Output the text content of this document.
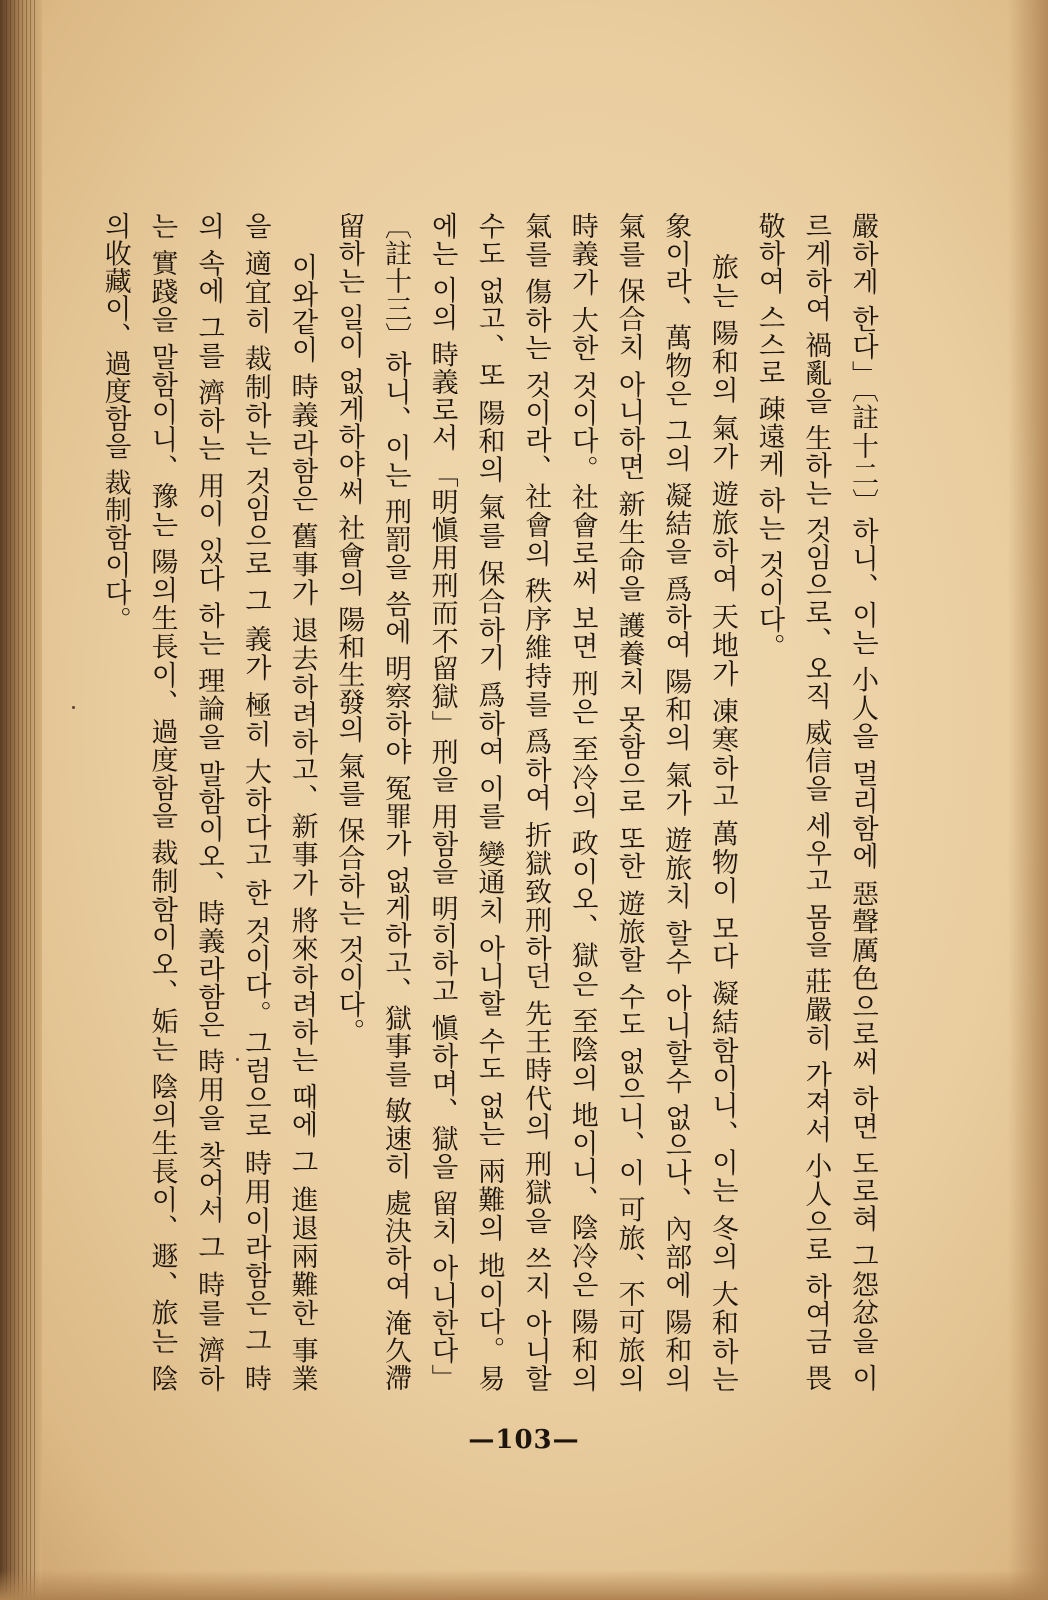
嚴하게 한다」〔註十二〕하니、이는 小人을 멀리함에 惡聲厲色으로써 하면 도로혀 그怨忿을 이르게하여 禍亂을 生하는 것임으로、오직 威信을 세우고 몸을 莊嚴히 가져서 小人으로 하여금 畏敬하여 스스로 疎遠케 하는 것이다。

旅는 陽和의 氣가 遊旅하여 天地가 凍寒하고 萬物이 모다 凝結함이니、이는 冬의 大和하는 象이라、萬物은 그의 凝結을 爲하여 陽和의 氣가 遊旅치 할수 아니할수 없으나、內部에 陽和의 氣를 保合치 아니하면 新生命을 護養치 못함으로 또한 遊旅할 수도 없으니、이 可旅、不可旅의 時義가 大한 것이다。社會로써 보면 刑은 至冷의 政이오、獄은 至陰의 地이니、陰冷은 陽和의 氣를 傷하는 것이라、社會의 秩序維持를 爲하여 折獄致刑하던 先王時代의 刑獄을 쓰지 아니할수도 없고、또 陽和의 氣를 保合하기 爲하여 이를 變通치 아니할 수도 없는 兩難의 地이다。易에는 이의 時義로서 「明愼用刑而不留獄」刑을 用함을 明히하고 愼하며、獄을 留치 아니한다」〔註十三〕하니、이는 刑罰을 씀에 明察하야 冤罪가 없게하고、獄事를 敏速히 處決하여 淹久滯留하는 일이 없게하야써 社會의 陽和生發의 氣를 保合하는 것이다。

이와같이 時義라함은 舊事가 退去하려하고、新事가 將來하려하는 때에 그 進退兩難한 事業을 適宜히 裁制하는 것임으로 그 義가 極히 大하다고 한 것이다。그럼으로 時用이라함은 그 時의 속에 그를 濟하는 用이 있다 하는 理論을 말함이오、時義라함은 時用을 찾어서 그 時를 濟하는 實踐을 말함이니、豫는 陽의生長이、過度함을 裁制함이오、姤는 陰의生長이、遯、旅는 陰의收藏이、過度함을 裁制함이다。

—103—
